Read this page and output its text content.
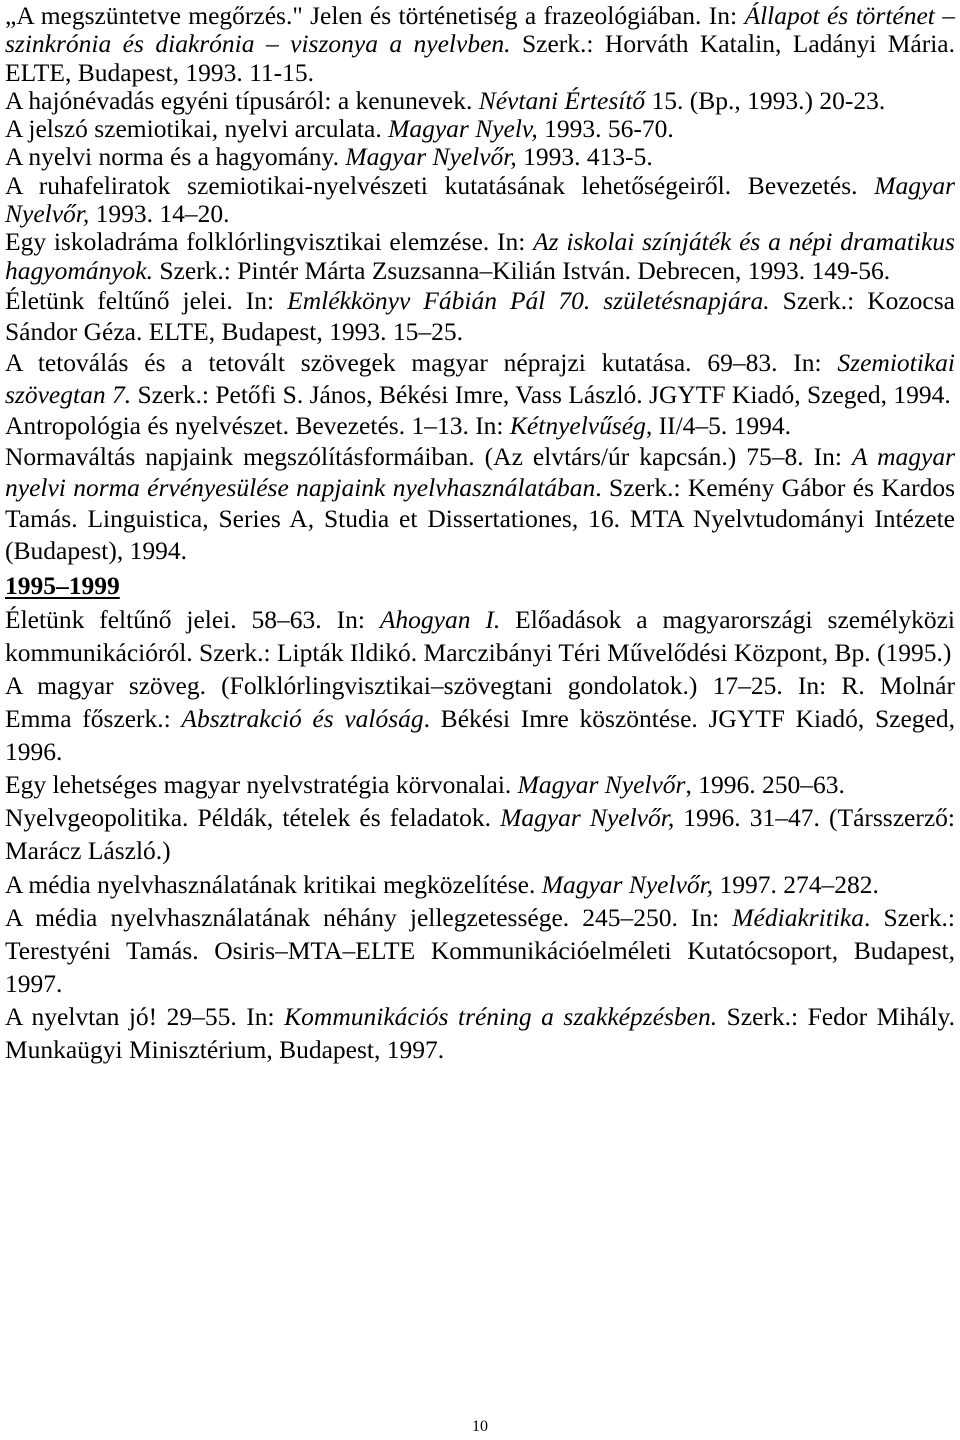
„A megszüntetve megőrzés." Jelen és történetiség a frazeológiában. In: Állapot és történet – szinkrónia és diakrónia – viszonya a nyelvben. Szerk.: Horváth Katalin, Ladányi Mária. ELTE, Budapest, 1993. 11-15.

A hajónévadás egyéni típusáról: a kenunevek. Névtani Értesítő 15. (Bp., 1993.) 20-23.

A jelszó szemiotikai, nyelvi arculata. Magyar Nyelv, 1993. 56-70.

A nyelvi norma és a hagyomány. Magyar Nyelvőr, 1993. 413-5.

A ruhafeliratok szemiotikai-nyelvészeti kutatásának lehetőségeiről. Bevezetés. Magyar Nyelvőr, 1993. 14–20.

Egy iskoladráma folklórlingvisztikai elemzése. In: Az iskolai színjáték és a népi dramatikus hagyományok. Szerk.: Pintér Márta Zsuzsanna–Kilián István. Debrecen, 1993. 149-56.

Életünk feltűnő jelei. In: Emlékkönyv Fábián Pál 70. születésnapjára. Szerk.: Kozocsa Sándor Géza. ELTE, Budapest, 1993. 15–25.

A tetoválás és a tetovált szövegek magyar néprajzi kutatása. 69–83. In: Szemiotikai szövegtan 7. Szerk.: Petőfi S. János, Békési Imre, Vass László. JGYTF Kiadó, Szeged, 1994.

Antropológia és nyelvészet. Bevezetés. 1–13. In: Kétnyelvűség, II/4–5. 1994.

Normaváltás napjaink megszólításformáiban. (Az elvtárs/úr kapcsán.) 75–8. In: A magyar nyelvi norma érvényesülése napjaink nyelvhasználatában. Szerk.: Kemény Gábor és Kardos Tamás. Linguistica, Series A, Studia et Dissertationes, 16. MTA Nyelvtudományi Intézete (Budapest), 1994.

1995–1999

Életünk feltűnő jelei. 58–63. In: Ahogyan I. Előadások a magyarországi személyközi kommunikációról. Szerk.: Lipták Ildikó. Marczibányi Téri Művelődési Központ, Bp. (1995.)

A magyar szöveg. (Folklórlingvisztikai–szövegtani gondolatok.) 17–25. In: R. Molnár Emma főszerk.: Absztrakció és valóság. Békési Imre köszöntése. JGYTF Kiadó, Szeged, 1996.

Egy lehetséges magyar nyelvstratégia körvonalai. Magyar Nyelvőr, 1996. 250–63.

Nyelvgeopolitika. Példák, tételek és feladatok. Magyar Nyelvőr, 1996. 31–47. (Társszerző: Marácz László.)

A média nyelvhasználatának kritikai megközelítése. Magyar Nyelvőr, 1997. 274–282.

A média nyelvhasználatának néhány jellegzetessége. 245–250. In: Médiakritika. Szerk.: Terestyéni Tamás. Osiris–MTA–ELTE Kommunikációelméleti Kutatócsoport, Budapest, 1997.

A nyelvtan jó! 29–55. In: Kommunikációs tréning a szakképzésben. Szerk.: Fedor Mihály. Munkaügyi Minisztérium, Budapest, 1997.

10
